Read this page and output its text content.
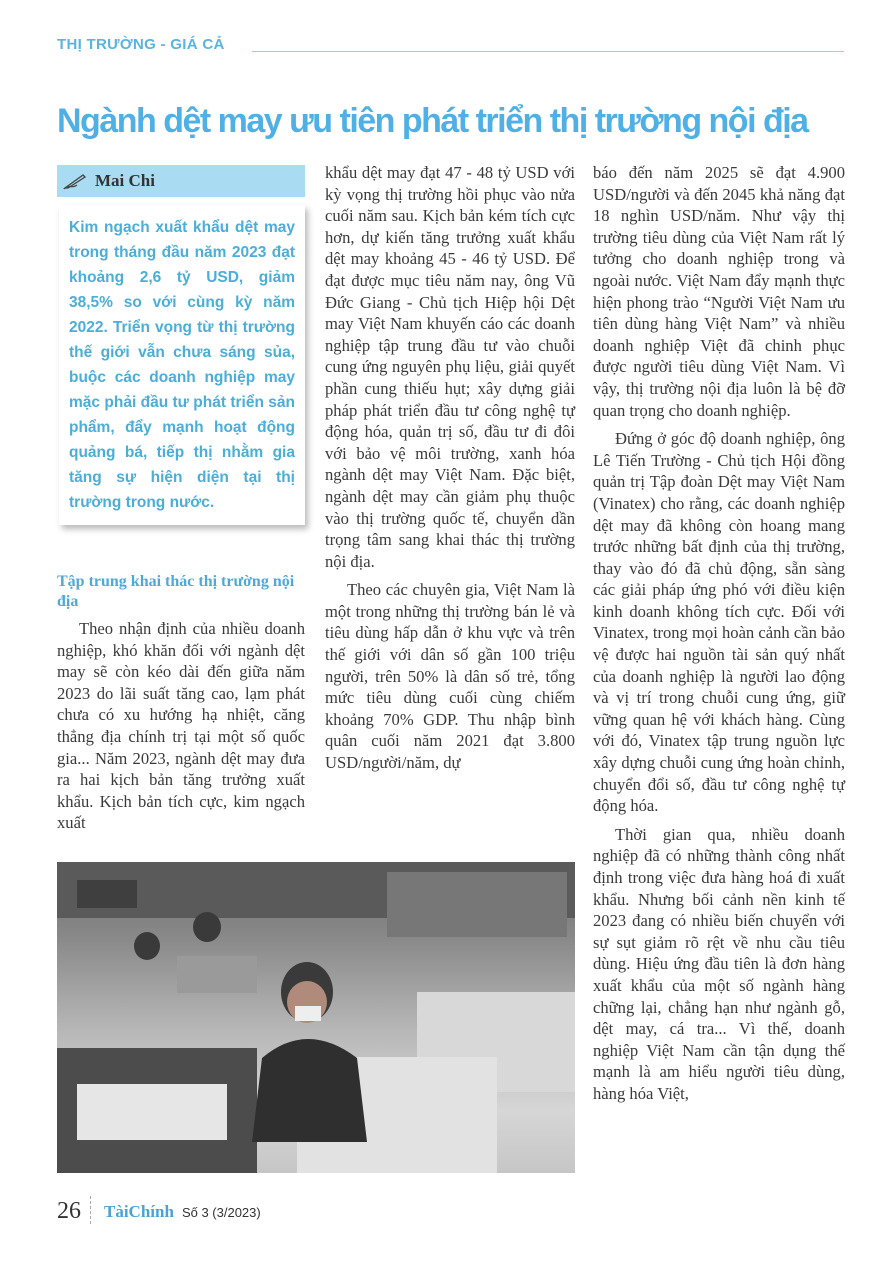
THỊ TRƯỜNG - GIÁ CẢ
Ngành dệt may ưu tiên phát triển thị trường nội địa
Mai Chi
Kim ngạch xuất khẩu dệt may trong tháng đầu năm 2023 đạt khoảng 2,6 tỷ USD, giảm 38,5% so với cùng kỳ năm 2022. Triển vọng từ thị trường thế giới vẫn chưa sáng sủa, buộc các doanh nghiệp may mặc phải đầu tư phát triển sản phẩm, đẩy mạnh hoạt động quảng bá, tiếp thị nhằm gia tăng sự hiện diện tại thị trường trong nước.
Tập trung khai thác thị trường nội địa

Theo nhận định của nhiều doanh nghiệp, khó khăn đối với ngành dệt may sẽ còn kéo dài đến giữa năm 2023 do lãi suất tăng cao, lạm phát chưa có xu hướng hạ nhiệt, căng thẳng địa chính trị tại một số quốc gia... Năm 2023, ngành dệt may đưa ra hai kịch bản tăng trưởng xuất khẩu. Kịch bản tích cực, kim ngạch xuất

khẩu dệt may đạt 47 - 48 tỷ USD với kỳ vọng thị trường hồi phục vào nửa cuối năm sau. Kịch bản kém tích cực hơn, dự kiến tăng trưởng xuất khẩu dệt may khoảng 45 - 46 tỷ USD. Để đạt được mục tiêu năm nay, ông Vũ Đức Giang - Chủ tịch Hiệp hội Dệt may Việt Nam khuyến cáo các doanh nghiệp tập trung đầu tư vào chuỗi cung ứng nguyên phụ liệu, giải quyết phần cung thiếu hụt; xây dựng giải pháp phát triển đầu tư công nghệ tự động hóa, quản trị số, đầu tư đi đôi với bảo vệ môi trường, xanh hóa ngành dệt may Việt Nam. Đặc biệt, ngành dệt may cần giảm phụ thuộc vào thị trường quốc tế, chuyển dần trọng tâm sang khai thác thị trường nội địa.

Theo các chuyên gia, Việt Nam là một trong những thị trường bán lẻ và tiêu dùng hấp dẫn ở khu vực và trên thế giới với dân số gần 100 triệu người, trên 50% là dân số trẻ, tổng mức tiêu dùng cuối cùng chiếm khoảng 70% GDP. Thu nhập bình quân cuối năm 2021 đạt 3.800 USD/người/năm, dự

báo đến năm 2025 sẽ đạt 4.900 USD/người và đến 2045 khả năng đạt 18 nghìn USD/năm. Như vậy thị trường tiêu dùng của Việt Nam rất lý tưởng cho doanh nghiệp trong và ngoài nước. Việt Nam đẩy mạnh thực hiện phong trào “Người Việt Nam ưu tiên dùng hàng Việt Nam” và nhiều doanh nghiệp Việt đã chinh phục được người tiêu dùng Việt Nam. Vì vậy, thị trường nội địa luôn là bệ đỡ quan trọng cho doanh nghiệp.

Đứng ở góc độ doanh nghiệp, ông Lê Tiến Trường - Chủ tịch Hội đồng quản trị Tập đoàn Dệt may Việt Nam (Vinatex) cho rằng, các doanh nghiệp dệt may đã không còn hoang mang trước những bất định của thị trường, thay vào đó đã chủ động, sẵn sàng các giải pháp ứng phó với điều kiện kinh doanh không tích cực. Đối với Vinatex, trong mọi hoàn cảnh cần bảo vệ được hai nguồn tài sản quý nhất của doanh nghiệp là người lao động và vị trí trong chuỗi cung ứng, giữ vững quan hệ với khách hàng. Cùng với đó, Vinatex tập trung nguồn lực xây dựng chuỗi cung ứng hoàn chỉnh, chuyển đổi số, đầu tư công nghệ tự động hóa.

Thời gian qua, nhiều doanh nghiệp đã có những thành công nhất định trong việc đưa hàng hoá đi xuất khẩu. Nhưng bối cảnh nền kinh tế 2023 đang có nhiều biến chuyển với sự sụt giảm rõ rệt về nhu cầu tiêu dùng. Hiệu ứng đầu tiên là đơn hàng xuất khẩu của một số ngành hàng chững lại, chẳng hạn như ngành gỗ, dệt may, cá tra... Vì thế, doanh nghiệp Việt Nam cần tận dụng thế mạnh là am hiểu người tiêu dùng, hàng hóa Việt,

26 TàiChính Số 3 (3/2023)
